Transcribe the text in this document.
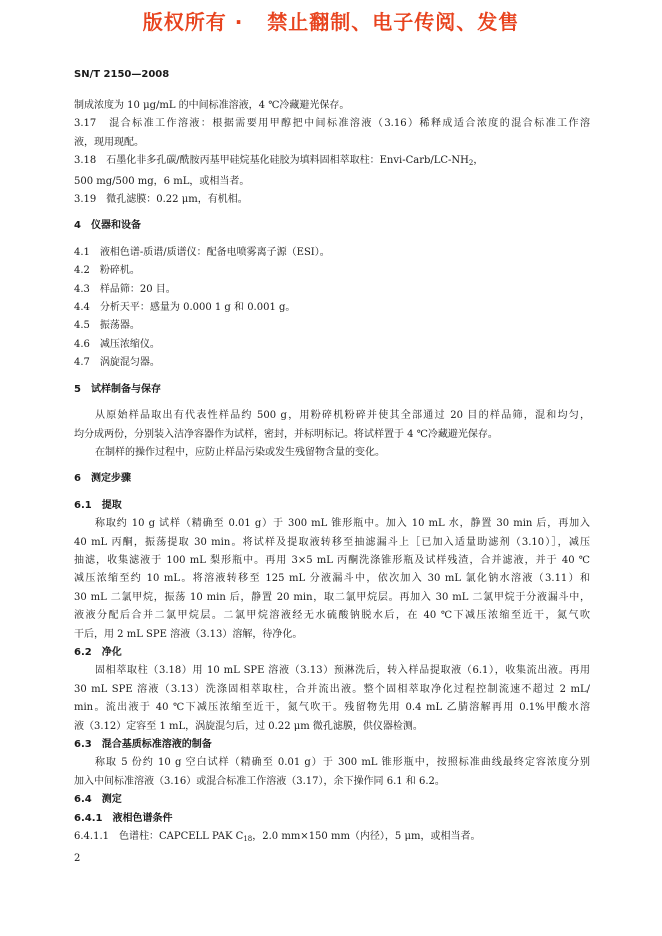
版权所有 ·   禁止翻制、电子传阅、发售
SN/T 2150—2008

制成浓度为 10 μg/mL 的中间标准溶液，4 ℃冷藏避光保存。

3.17　混合标准工作溶液：根据需要用甲醇把中间标准溶液（3.16）稀释成适合浓度的混合标准工作溶

液，现用现配。

3.18　石墨化非多孔碳/酰胺丙基甲硅烷基化硅胶为填料固相萃取柱：Envi-$Carb/LC-NH_2$，

500 mg/500 mg，6 mL，或相当者。

3.19　微孔滤膜：0.22 μm，有机相。

4　仪器和设备

4.1　液相色谱-质谱/质谱仪：配备电喷雾离子源（ESI）。

4.2　粉碎机。

4.3　样品筛：20 目。

4.4　分析天平：感量为 0.000 1 g 和 0.001 g。

4.5　振荡器。

4.6　减压浓缩仪。

4.7　涡旋混匀器。

5　试样制备与保存

从原始样品取出有代表性样品约 500 g，用粉碎机粉碎并使其全部通过 20 目的样品筛，混和均匀，

均分成两份，分别装入洁净容器作为试样，密封，并标明标记。将试样置于 4 ℃冷藏避光保存。

在制样的操作过程中，应防止样品污染或发生残留物含量的变化。

6　测定步骤

6.1　提取

称取约 10 g 试样（精确至 0.01 g）于 300 mL 锥形瓶中。加入 10 mL 水，静置 30 min 后，再加入

40 mL 丙酮，振荡提取 30 min。将试样及提取液转移至抽滤漏斗上［已加入适量助滤剂（3.10）］，减压

抽滤，收集滤液于 100 mL 梨形瓶中。再用 3×5 mL 丙酮洗涤锥形瓶及试样残渣，合并滤液，并于 40 ℃

减压浓缩至约 10 mL。将溶液转移至 125 mL 分液漏斗中，依次加入 30 mL 氯化钠水溶液（3.11）和

30 mL 二氯甲烷，振荡 10 min 后，静置 20 min，取二氯甲烷层。再加入 30 mL 二氯甲烷于分液漏斗中，

液液分配后合并二氯甲烷层。二氯甲烷溶液经无水硫酸钠脱水后，在 40 ℃下减压浓缩至近干，氮气吹

干后，用 2 mL SPE 溶液（3.13）溶解，待净化。

6.2　净化

固相萃取柱（3.18）用 10 mL SPE 溶液（3.13）预淋洗后，转入样品提取液（6.1），收集流出液。再用

30 mL SPE 溶液（3.13）洗涤固相萃取柱，合并流出液。整个固相萃取净化过程控制流速不超过 2 mL/

min。流出液于 40 ℃下减压浓缩至近干，氮气吹干。残留物先用 0.4 mL 乙腈溶解再用 0.1%甲酸水溶

液（3.12）定容至 1 mL，涡旋混匀后，过 0.22 μm 微孔滤膜，供仪器检测。

6.3　混合基质标准溶液的制备

称取 5 份约 10 g 空白试样（精确至 0.01 g）于 300 mL 锥形瓶中，按照标准曲线最终定容浓度分别

加入中间标准溶液（3.16）或混合标准工作溶液（3.17），余下操作同 6.1 和 6.2。

6.4　测定

6.4.1　液相色谱条件

6.4.1.1　色谱柱：CAPCELL PAK $C_{18}$，2.0 mm×150 mm（内径），5 μm，或相当者。

2
